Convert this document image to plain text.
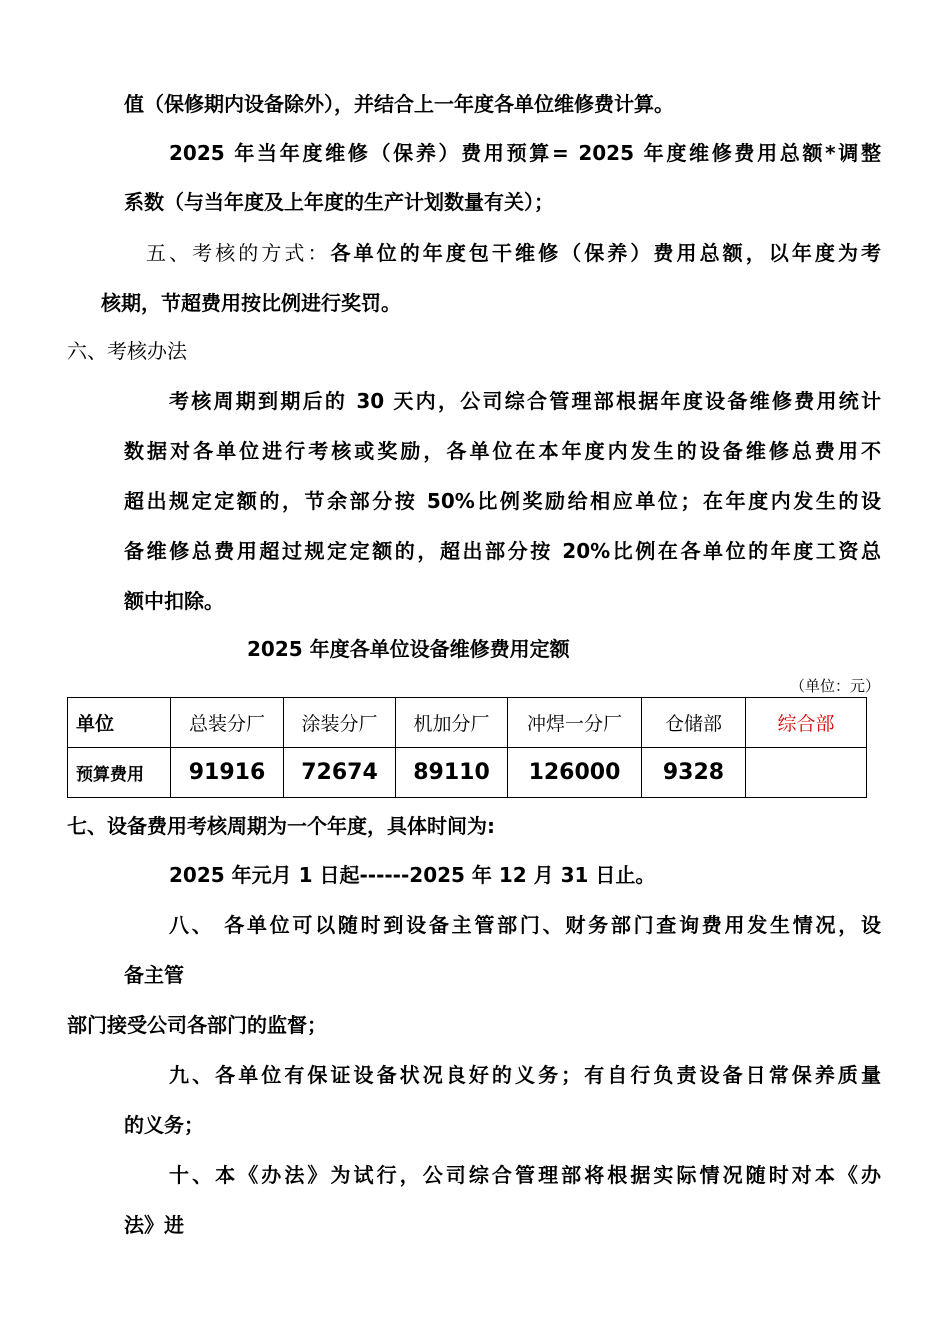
值（保修期内设备除外），并结合上一年度各单位维修费计算。
2025 年当年度维修（保养）费用预算= 2025 年度维修费用总额*调整
系数（与当年度及上年度的生产计划数量有关）；
五、考核的方式：各单位的年度包干维修（保养）费用总额，以年度为考
核期，节超费用按比例进行奖罚。
六、考核办法
考核周期到期后的 30 天内，公司综合管理部根据年度设备维修费用统计
数据对各单位进行考核或奖励，各单位在本年度内发生的设备维修总费用不
超出规定定额的，节余部分按 50%比例奖励给相应单位；在年度内发生的设
备维修总费用超过规定定额的，超出部分按 20%比例在各单位的年度工资总
额中扣除。
2025 年度各单位设备维修费用定额
（单位：元）
单位	总装分厂	涂装分厂	机加分厂	冲焊一分厂	仓储部	综合部
预算费用	91916	72674	89110	126000	9328	
七、设备费用考核周期为一个年度，具体时间为:
2025 年元月 1 日起------2025 年 12 月 31 日止。
八、 各单位可以随时到设备主管部门、财务部门查询费用发生情况，设
备主管
部门接受公司各部门的监督；
九、各单位有保证设备状况良好的义务；有自行负责设备日常保养质量
的义务；
十、本《办法》为试行，公司综合管理部将根据实际情况随时对本《办
法》进
